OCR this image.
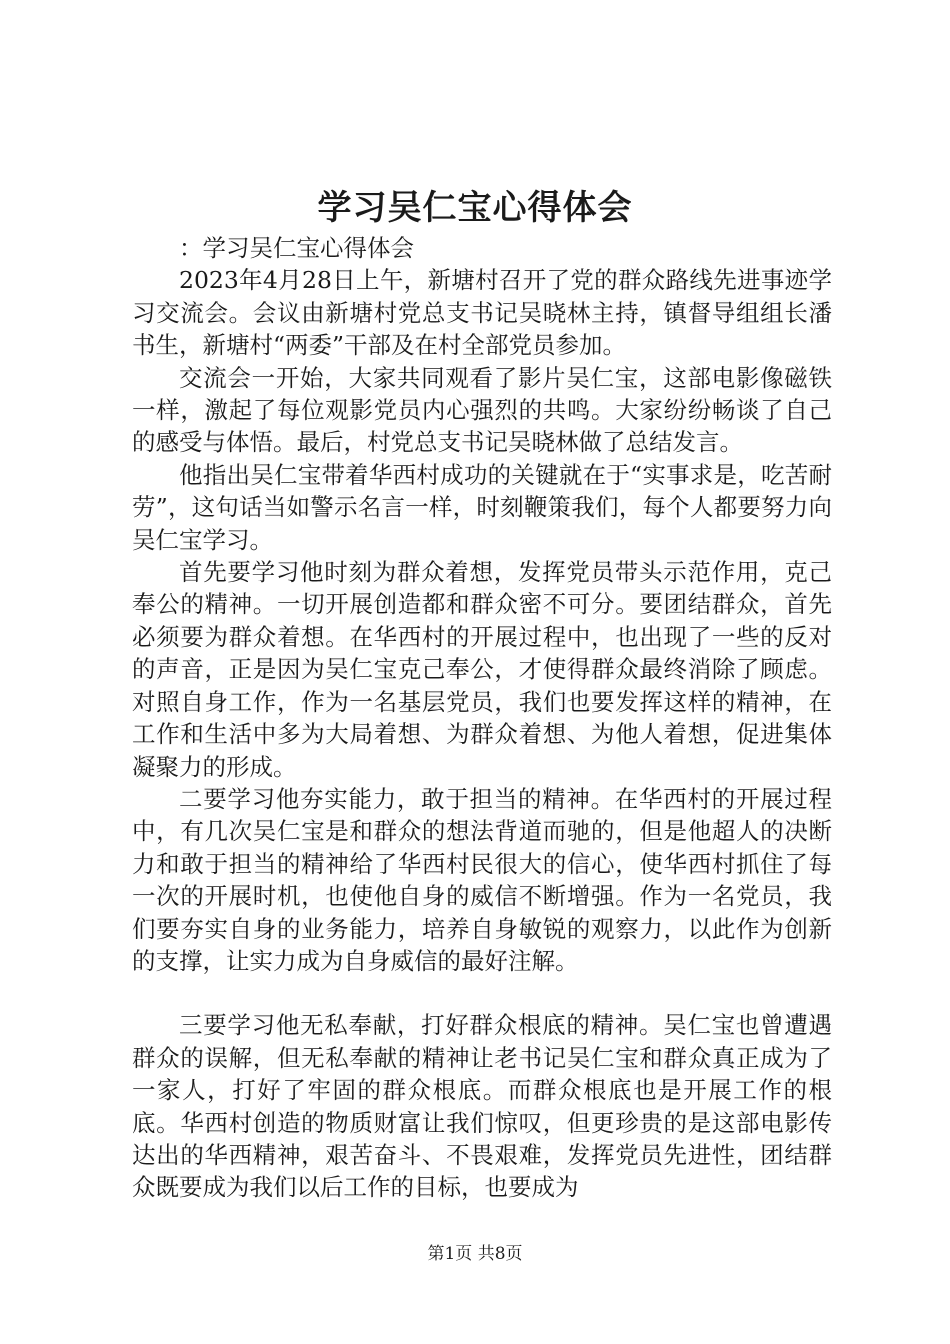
学习吴仁宝心得体会

：学习吴仁宝心得体会

2023年4月28日上午，新塘村召开了党的群众路线先进事迹学习交流会。会议由新塘村党总支书记吴晓林主持，镇督导组组长潘书生，新塘村“两委”干部及在村全部党员参加。

交流会一开始，大家共同观看了影片吴仁宝，这部电影像磁铁一样，激起了每位观影党员内心强烈的共鸣。大家纷纷畅谈了自己的感受与体悟。最后，村党总支书记吴晓林做了总结发言。

他指出吴仁宝带着华西村成功的关键就在于“实事求是，吃苦耐劳”，这句话当如警示名言一样，时刻鞭策我们，每个人都要努力向吴仁宝学习。

首先要学习他时刻为群众着想，发挥党员带头示范作用，克己奉公的精神。一切开展创造都和群众密不可分。要团结群众，首先必须要为群众着想。在华西村的开展过程中，也出现了一些的反对的声音，正是因为吴仁宝克己奉公，才使得群众最终消除了顾虑。对照自身工作，作为一名基层党员，我们也要发挥这样的精神，在工作和生活中多为大局着想、为群众着想、为他人着想，促进集体凝聚力的形成。

二要学习他夯实能力，敢于担当的精神。在华西村的开展过程中，有几次吴仁宝是和群众的想法背道而驰的，但是他超人的决断力和敢于担当的精神给了华西村民很大的信心，使华西村抓住了每一次的开展时机，也使他自身的威信不断增强。作为一名党员，我们要夯实自身的业务能力，培养自身敏锐的观察力，以此作为创新的支撑，让实力成为自身威信的最好注解。

三要学习他无私奉献，打好群众根底的精神。吴仁宝也曾遭遇群众的误解，但无私奉献的精神让老书记吴仁宝和群众真正成为了一家人，打好了牢固的群众根底。而群众根底也是开展工作的根底。华西村创造的物质财富让我们惊叹，但更珍贵的是这部电影传达出的华西精神，艰苦奋斗、不畏艰难，发挥党员先进性，团结群众既要成为我们以后工作的目标，也要成为

第1页 共8页
